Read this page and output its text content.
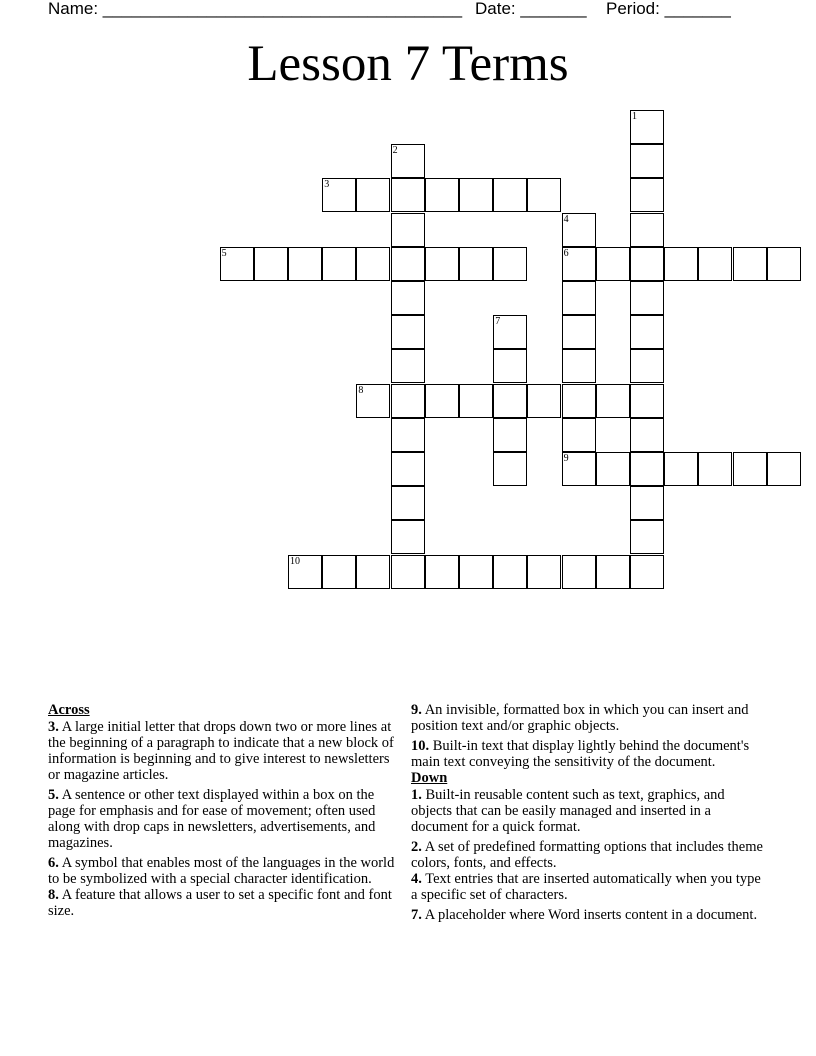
Name: ______________________________________ Date: _______ Period: _______
Lesson 7 Terms
1
2
3
4
6
9
5
7
8
10
Across
3. A large initial letter that drops down two or more lines at the beginning of a paragraph to indicate that a new block of information is beginning and to give interest to newsletters or magazine articles.
5. A sentence or other text displayed within a box on the page for emphasis and for ease of movement; often used along with drop caps in newsletters, advertisements, and magazines.
6. A symbol that enables most of the languages in the world to be symbolized with a special character identification.
8. A feature that allows a user to set a specific font and font size.
9. An invisible, formatted box in which you can insert and position text and/or graphic objects.
10. Built-in text that display lightly behind the document's main text conveying the sensitivity of the document.
Down
1. Built-in reusable content such as text, graphics, and objects that can be easily managed and inserted in a document for a quick format.
2. A set of predefined formatting options that includes theme colors, fonts, and effects.
4. Text entries that are inserted automatically when you type a specific set of characters.
7. A placeholder where Word inserts content in a document.
